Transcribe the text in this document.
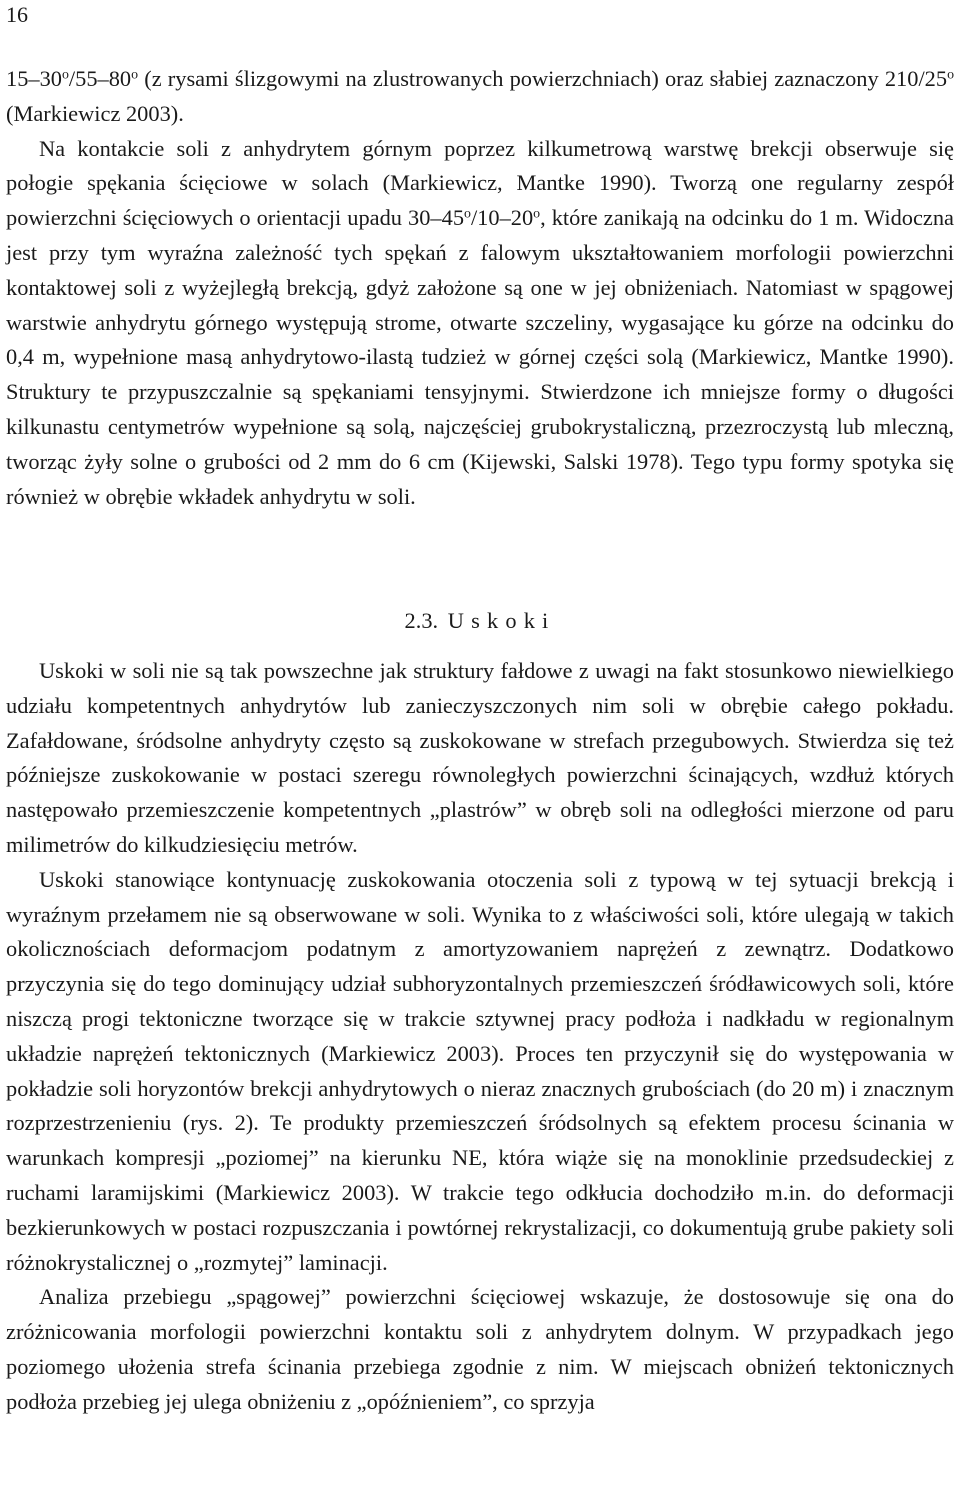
16

15–30$^o$/55–80$^o$ (z rysami ślizgowymi na zlustrowanych powierzchniach) oraz słabiej zaznaczony 210/25$^o$ (Markiewicz 2003).

Na kontakcie soli z anhydrytem górnym poprzez kilkumetrową warstwę brekcji obserwuje się połogie spękania ścięciowe w solach (Markiewicz, Mantke 1990). Tworzą one regularny zespół powierzchni ścięciowych o orientacji upadu 30–45$^o$/10–20$^o$, które zanikają na odcinku do 1 m. Widoczna jest przy tym wyraźna zależność tych spękań z falowym ukształtowaniem morfologii powierzchni kontaktowej soli z wyżejległą brekcją, gdyż założone są one w jej obniżeniach. Natomiast w spągowej warstwie anhydrytu górnego występują strome, otwarte szczeliny, wygasające ku górze na odcinku do 0,4 m, wypełnione masą anhydrytowo-ilastą tudzież w górnej części solą (Markiewicz, Mantke 1990). Struktury te przypuszczalnie są spękaniami tensyjnymi. Stwierdzone ich mniejsze formy o długości kilkunastu centymetrów wypełnione są solą, najczęściej grubokrystaliczną, przezroczystą lub mleczną, tworząc żyły solne o grubości od 2 mm do 6 cm (Kijewski, Salski 1978). Tego typu formy spotyka się również w obrębie wkładek anhydrytu w soli.

2.3. Uskoki

Uskoki w soli nie są tak powszechne jak struktury fałdowe z uwagi na fakt stosunkowo niewielkiego udziału kompetentnych anhydrytów lub zanieczyszczonych nim soli w obrębie całego pokładu. Zafałdowane, śródsolne anhydryty często są zuskokowane w strefach przegubowych. Stwierdza się też późniejsze zuskokowanie w postaci szeregu równoległych powierzchni ścinających, wzdłuż których następowało przemieszczenie kompetentnych „plastrów” w obręb soli na odległości mierzone od paru milimetrów do kilkudziesięciu metrów.

Uskoki stanowiące kontynuację zuskokowania otoczenia soli z typową w tej sytuacji brekcją i wyraźnym przełamem nie są obserwowane w soli. Wynika to z właściwości soli, które ulegają w takich okolicznościach deformacjom podatnym z amortyzowaniem naprężeń z zewnątrz. Dodatkowo przyczynia się do tego dominujący udział subhoryzontalnych przemieszczeń śródławicowych soli, które niszczą progi tektoniczne tworzące się w trakcie sztywnej pracy podłoża i nadkładu w regionalnym układzie naprężeń tektonicznych (Markiewicz 2003). Proces ten przyczynił się do występowania w pokładzie soli horyzontów brekcji anhydrytowych o nieraz znacznych grubościach (do 20 m) i znacznym rozprzestrzenieniu (rys. 2). Te produkty przemieszczeń śródsolnych są efektem procesu ścinania w warunkach kompresji „poziomej” na kierunku NE, która wiąże się na monoklinie przedsudeckiej z ruchami laramijskimi (Markiewicz 2003). W trakcie tego odkłucia dochodziło m.in. do deformacji bezkierunkowych w postaci rozpuszczania i powtórnej rekrystalizacji, co dokumentują grube pakiety soli różnokrystalicznej o „rozmytej” laminacji.

Analiza przebiegu „spągowej” powierzchni ścięciowej wskazuje, że dostosowuje się ona do zróżnicowania morfologii powierzchni kontaktu soli z anhydrytem dolnym. W przypadkach jego poziomego ułożenia strefa ścinania przebiega zgodnie z nim. W miejscach obniżeń tektonicznych podłoża przebieg jej ulega obniżeniu z „opóźnieniem”, co sprzyja
